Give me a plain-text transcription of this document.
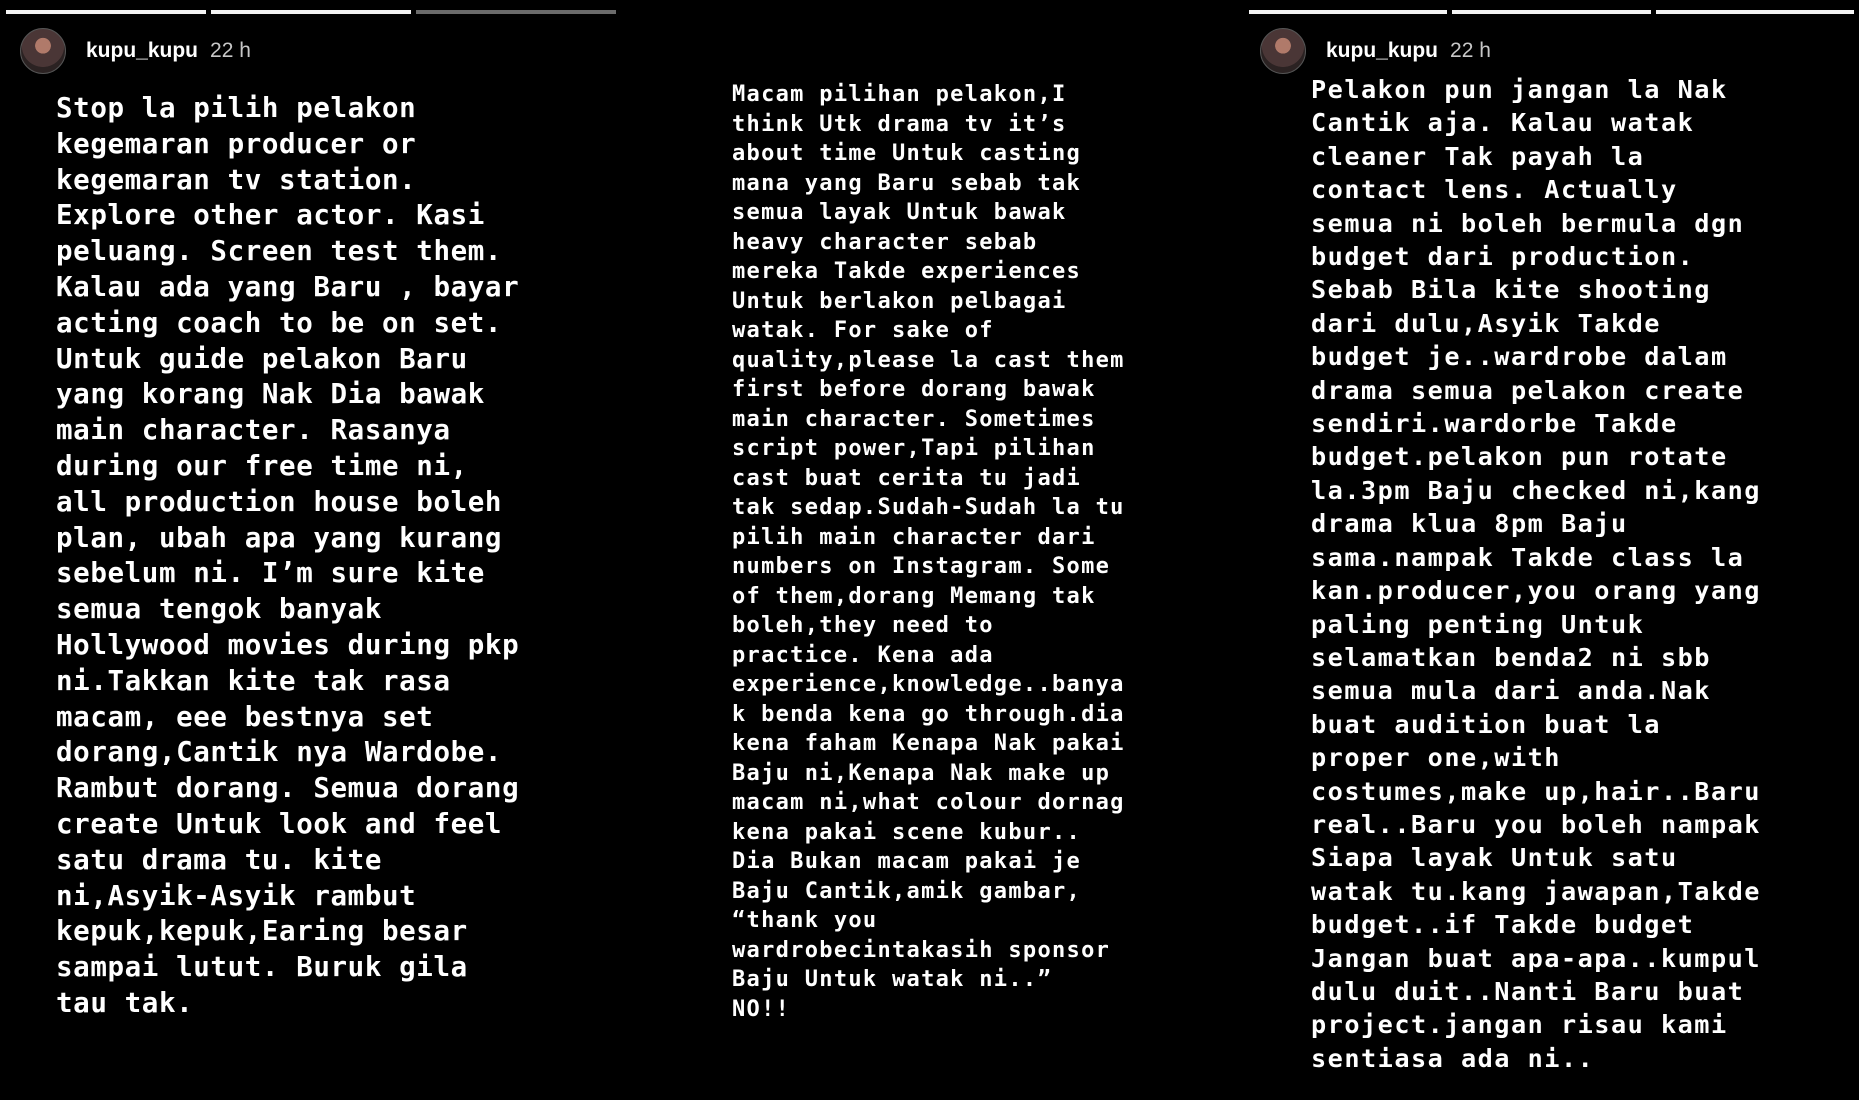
kupu_kupu 22 h

Stop la pilih pelakon
kegemaran producer or
kegemaran tv station.
Explore other actor. Kasi
peluang. Screen test them.
Kalau ada yang Baru , bayar
acting coach to be on set.
Untuk guide pelakon Baru
yang korang Nak Dia bawak
main character. Rasanya
during our free time ni,
all production house boleh
plan, ubah apa yang kurang
sebelum ni. I’m sure kite
semua tengok banyak
Hollywood movies during pkp
ni.Takkan kite tak rasa
macam, eee bestnya set
dorang,Cantik nya Wardobe.
Rambut dorang. Semua dorang
create Untuk look and feel
satu drama tu. kite
ni,Asyik-Asyik rambut
kepuk,kepuk,Earing besar
sampai lutut. Buruk gila
tau tak.

Macam pilihan pelakon,I
think Utk drama tv it’s
about time Untuk casting
mana yang Baru sebab tak
semua layak Untuk bawak
heavy character sebab
mereka Takde experiences
Untuk berlakon pelbagai
watak. For sake of
quality,please la cast them
first before dorang bawak
main character. Sometimes
script power,Tapi pilihan
cast buat cerita tu jadi
tak sedap.Sudah-Sudah la tu
pilih main character dari
numbers on Instagram. Some
of them,dorang Memang tak
boleh,they need to
practice. Kena ada
experience,knowledge..banya
k benda kena go through.dia
kena faham Kenapa Nak pakai
Baju ni,Kenapa Nak make up
macam ni,what colour dornag
kena pakai scene kubur..
Dia Bukan macam pakai je
Baju Cantik,amik gambar,
“thank you
wardrobecintakasih sponsor
Baju Untuk watak ni..”
NO!!

kupu_kupu 22 h

Pelakon pun jangan la Nak
Cantik aja. Kalau watak
cleaner Tak payah la
contact lens. Actually
semua ni boleh bermula dgn
budget dari production.
Sebab Bila kite shooting
dari dulu,Asyik Takde
budget je..wardrobe dalam
drama semua pelakon create
sendiri.wardorbe Takde
budget.pelakon pun rotate
la.3pm Baju checked ni,kang
drama klua 8pm Baju
sama.nampak Takde class la
kan.producer,you orang yang
paling penting Untuk
selamatkan benda2 ni sbb
semua mula dari anda.Nak
buat audition buat la
proper one,with
costumes,make up,hair..Baru
real..Baru you boleh nampak
Siapa layak Untuk satu
watak tu.kang jawapan,Takde
budget..if Takde budget
Jangan buat apa-apa..kumpul
dulu duit..Nanti Baru buat
project.jangan risau kami
sentiasa ada ni..
